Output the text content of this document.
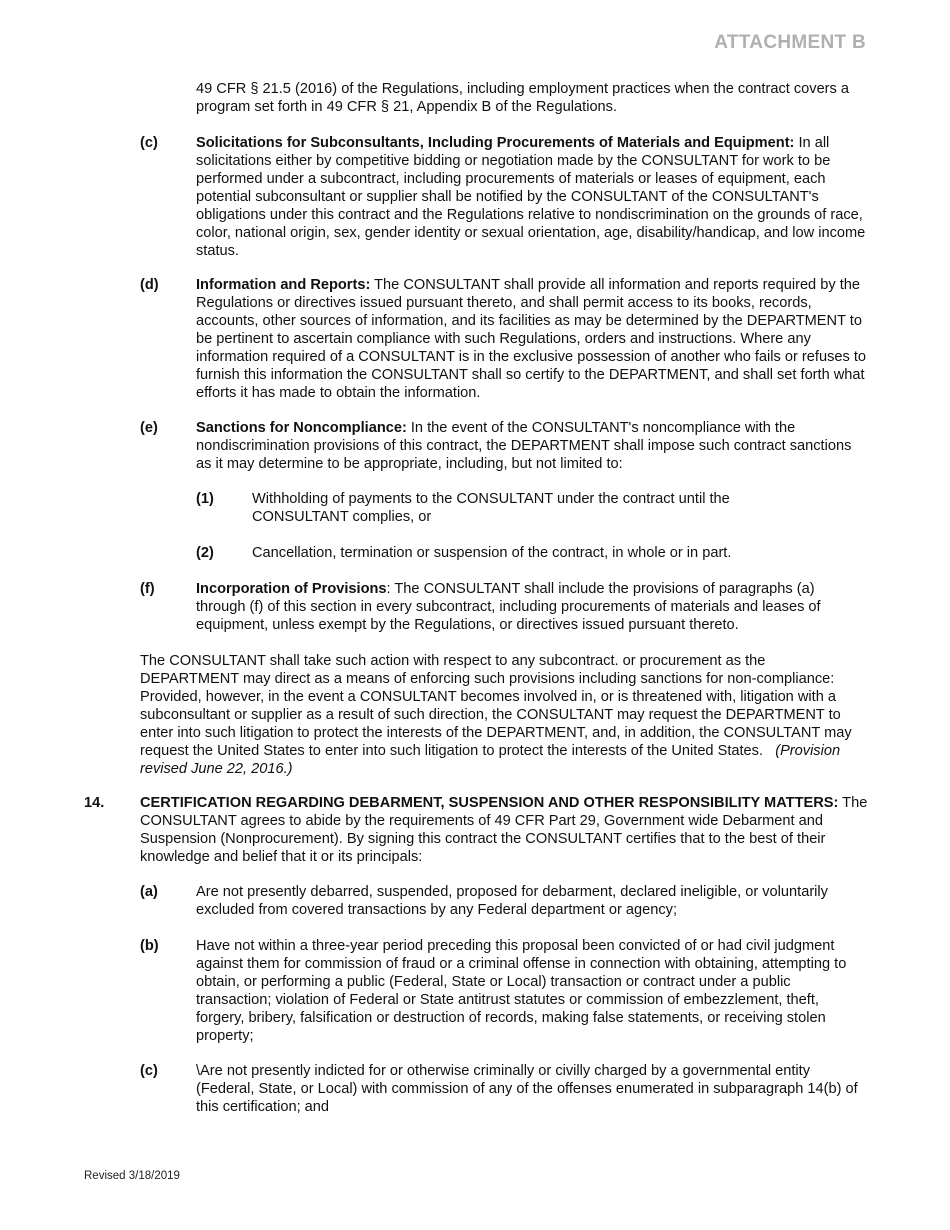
ATTACHMENT B

49 CFR § 21.5 (2016) of the Regulations, including employment practices when the contract covers a program set forth in 49 CFR § 21, Appendix B of the Regulations.

(c)	Solicitations for Subconsultants, Including Procurements of Materials and Equipment: In all solicitations either by competitive bidding or negotiation made by the CONSULTANT for work to be performed under a subcontract, including procurements of materials or leases of equipment, each potential subconsultant or supplier shall be notified by the CONSULTANT of the CONSULTANT's obligations under this contract and the Regulations relative to nondiscrimination on the grounds of race, color, national origin, sex, gender identity or sexual orientation, age, disability/handicap, and low income status.
(d)	Information and Reports: The CONSULTANT shall provide all information and reports required by the Regulations or directives issued pursuant thereto, and shall permit access to its books, records, accounts, other sources of information, and its facilities as may be determined by the DEPARTMENT to be pertinent to ascertain compliance with such Regulations, orders and instructions. Where any information required of a CONSULTANT is in the exclusive possession of another who fails or refuses to furnish this information the CONSULTANT shall so certify to the DEPARTMENT, and shall set forth what efforts it has made to obtain the information.
(e)	Sanctions for Noncompliance: In the event of the CONSULTANT's noncompliance with the nondiscrimination provisions of this contract, the DEPARTMENT shall impose such contract sanctions as it may determine to be appropriate, including, but not limited to:
(1)	Withholding of payments to the CONSULTANT under the contract until the CONSULTANT complies, or
(2)	Cancellation, termination or suspension of the contract, in whole or in part.
(f)	Incorporation of Provisions: The CONSULTANT shall include the provisions of paragraphs (a) through (f) of this section in every subcontract, including procurements of materials and leases of equipment, unless exempt by the Regulations, or directives issued pursuant thereto.

The CONSULTANT shall take such action with respect to any subcontract. or procurement as the DEPARTMENT may direct as a means of enforcing such provisions including sanctions for non-compliance: Provided, however, in the event a CONSULTANT becomes involved in, or is threatened with, litigation with a subconsultant or supplier as a result of such direction, the CONSULTANT may request the DEPARTMENT to enter into such litigation to protect the interests of the DEPARTMENT, and, in addition, the CONSULTANT may request the United States to enter into such litigation to protect the interests of the United States. (Provision revised June 22, 2016.)

14. CERTIFICATION REGARDING DEBARMENT, SUSPENSION AND OTHER RESPONSIBILITY MATTERS: The CONSULTANT agrees to abide by the requirements of 49 CFR Part 29, Government wide Debarment and Suspension (Nonprocurement). By signing this contract the CONSULTANT certifies that to the best of their knowledge and belief that it or its principals:
(a)	Are not presently debarred, suspended, proposed for debarment, declared ineligible, or voluntarily excluded from covered transactions by any Federal department or agency;
(b)	Have not within a three-year period preceding this proposal been convicted of or had civil judgment against them for commission of fraud or a criminal offense in connection with obtaining, attempting to obtain, or performing a public (Federal, State or Local) transaction or contract under a public transaction; violation of Federal or State antitrust statutes or commission of embezzlement, theft, forgery, bribery, falsification or destruction of records, making false statements, or receiving stolen property;
(c)	\Are not presently indicted for or otherwise criminally or civilly charged by a governmental entity (Federal, State, or Local) with commission of any of the offenses enumerated in subparagraph 14(b) of this certification; and
Revised 3/18/2019
